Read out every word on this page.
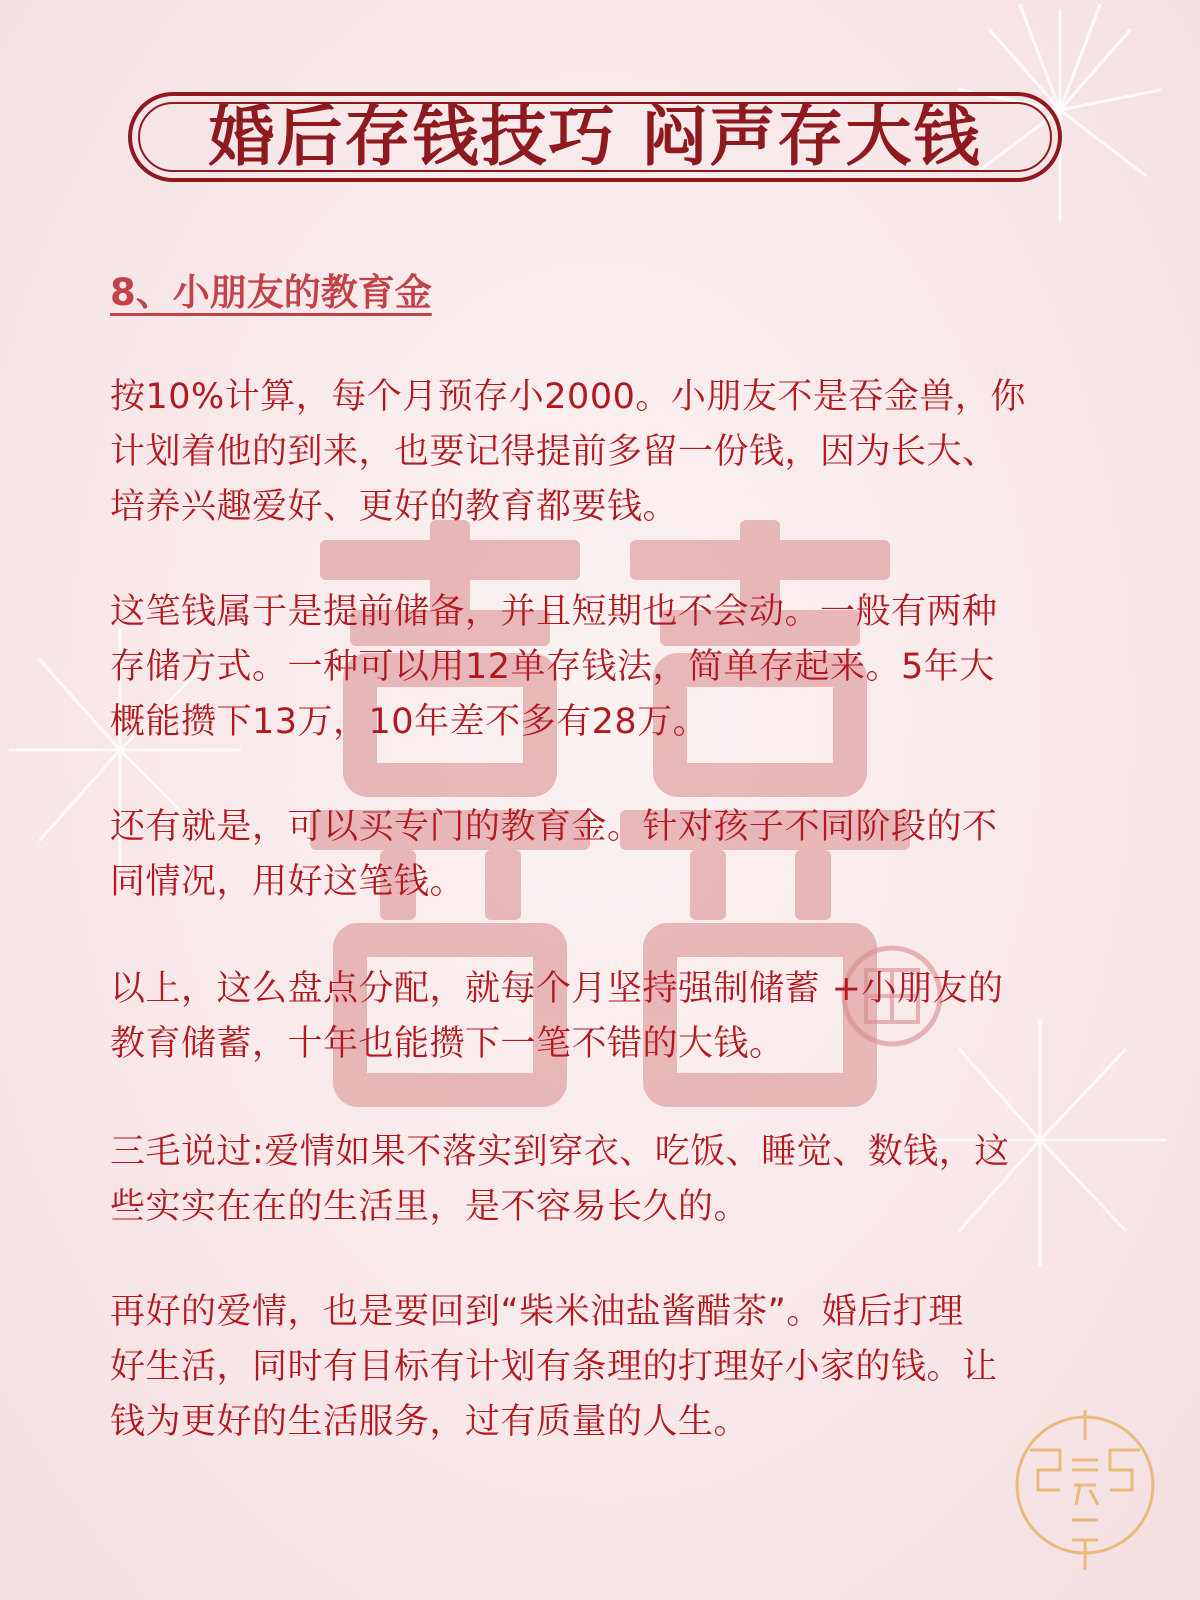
婚后存钱技巧 闷声存大钱
8、小朋友的教育金

按10%计算，每个月预存小2000。小朋友不是吞金兽，你
计划着他的到来，也要记得提前多留一份钱，因为长大、
培养兴趣爱好、更好的教育都要钱。

这笔钱属于是提前储备，并且短期也不会动。一般有两种
存储方式。一种可以用12单存钱法，简单存起来。5年大
概能攒下13万，10年差不多有28万。

还有就是，可以买专门的教育金。针对孩子不同阶段的不
同情况，用好这笔钱。

以上，这么盘点分配，就每个月坚持强制储蓄 +小朋友的
教育储蓄，十年也能攒下一笔不错的大钱。

三毛说过:爱情如果不落实到穿衣、吃饭、睡觉、数钱，这
些实实在在的生活里，是不容易长久的。

再好的爱情，也是要回到“柴米油盐酱醋茶”。婚后打理
好生活，同时有目标有计划有条理的打理好小家的钱。让
钱为更好的生活服务，过有质量的人生。
